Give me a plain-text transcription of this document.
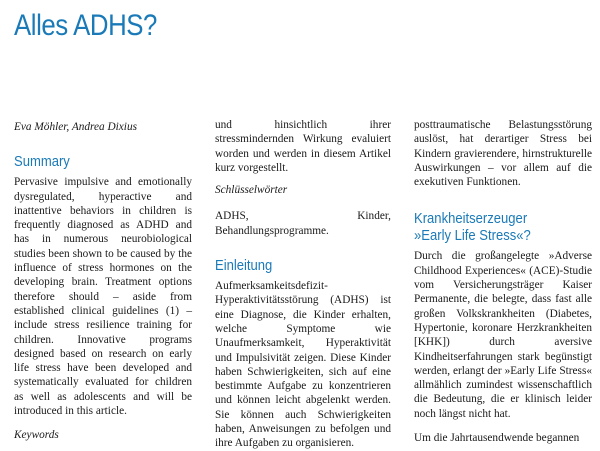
Alles ADHS?

Eva Möhler, Andrea Dixius

Summary

Pervasive impulsive and emotionally dysregulated, hyperactive and inattentive behaviors in children is frequently diagnosed as ADHD and has in numerous neurobiological studies been shown to be caused by the influence of stress hormones on the developing brain. Treatment options therefore should – aside from established clinical guidelines (1) – include stress resilience training for children. Innovative programs designed based on research on early life stress have been developed and systematically evaluated for children as well as adolescents and will be introduced in this article.

Keywords

und hinsichtlich ihrer stressmindernden Wirkung evaluiert worden und werden in diesem Artikel kurz vorgestellt.

Schlüsselwörter

ADHS, Kinder, Behandlungsprogramme.

Einleitung

Aufmerksamkeitsdefizit-Hyperaktivitätsstörung (ADHS) ist eine Diagnose, die Kinder erhalten, welche Symptome wie Unaufmerksamkeit, Hyperaktivität und Impulsivität zeigen. Diese Kinder haben Schwierigkeiten, sich auf eine bestimmte Aufgabe zu konzentrieren und können leicht abgelenkt werden. Sie können auch Schwierigkeiten haben, Anweisungen zu befolgen und ihre Aufgaben zu organisieren.

posttraumatische Belastungsstörung auslöst, hat derartiger Stress bei Kindern gravierendere, hirnstrukturelle Auswirkungen – vor allem auf die exekutiven Funktionen.

Krankheitserzeuger
»Early Life Stress«?

Durch die großangelegte »Adverse Childhood Experiences« (ACE)-Studie vom Versicherungsträger Kaiser Permanente, die belegte, dass fast alle großen Volkskrankheiten (Diabetes, Hypertonie, koronare Herzkrankheiten [KHK]) durch aversive Kindheitserfahrungen stark begünstigt werden, erlangt der »Early Life Stress« allmählich zumindest wissenschaftlich die Bedeutung, die er klinisch leider noch längst nicht hat.

Um die Jahrtausendwende begannen
